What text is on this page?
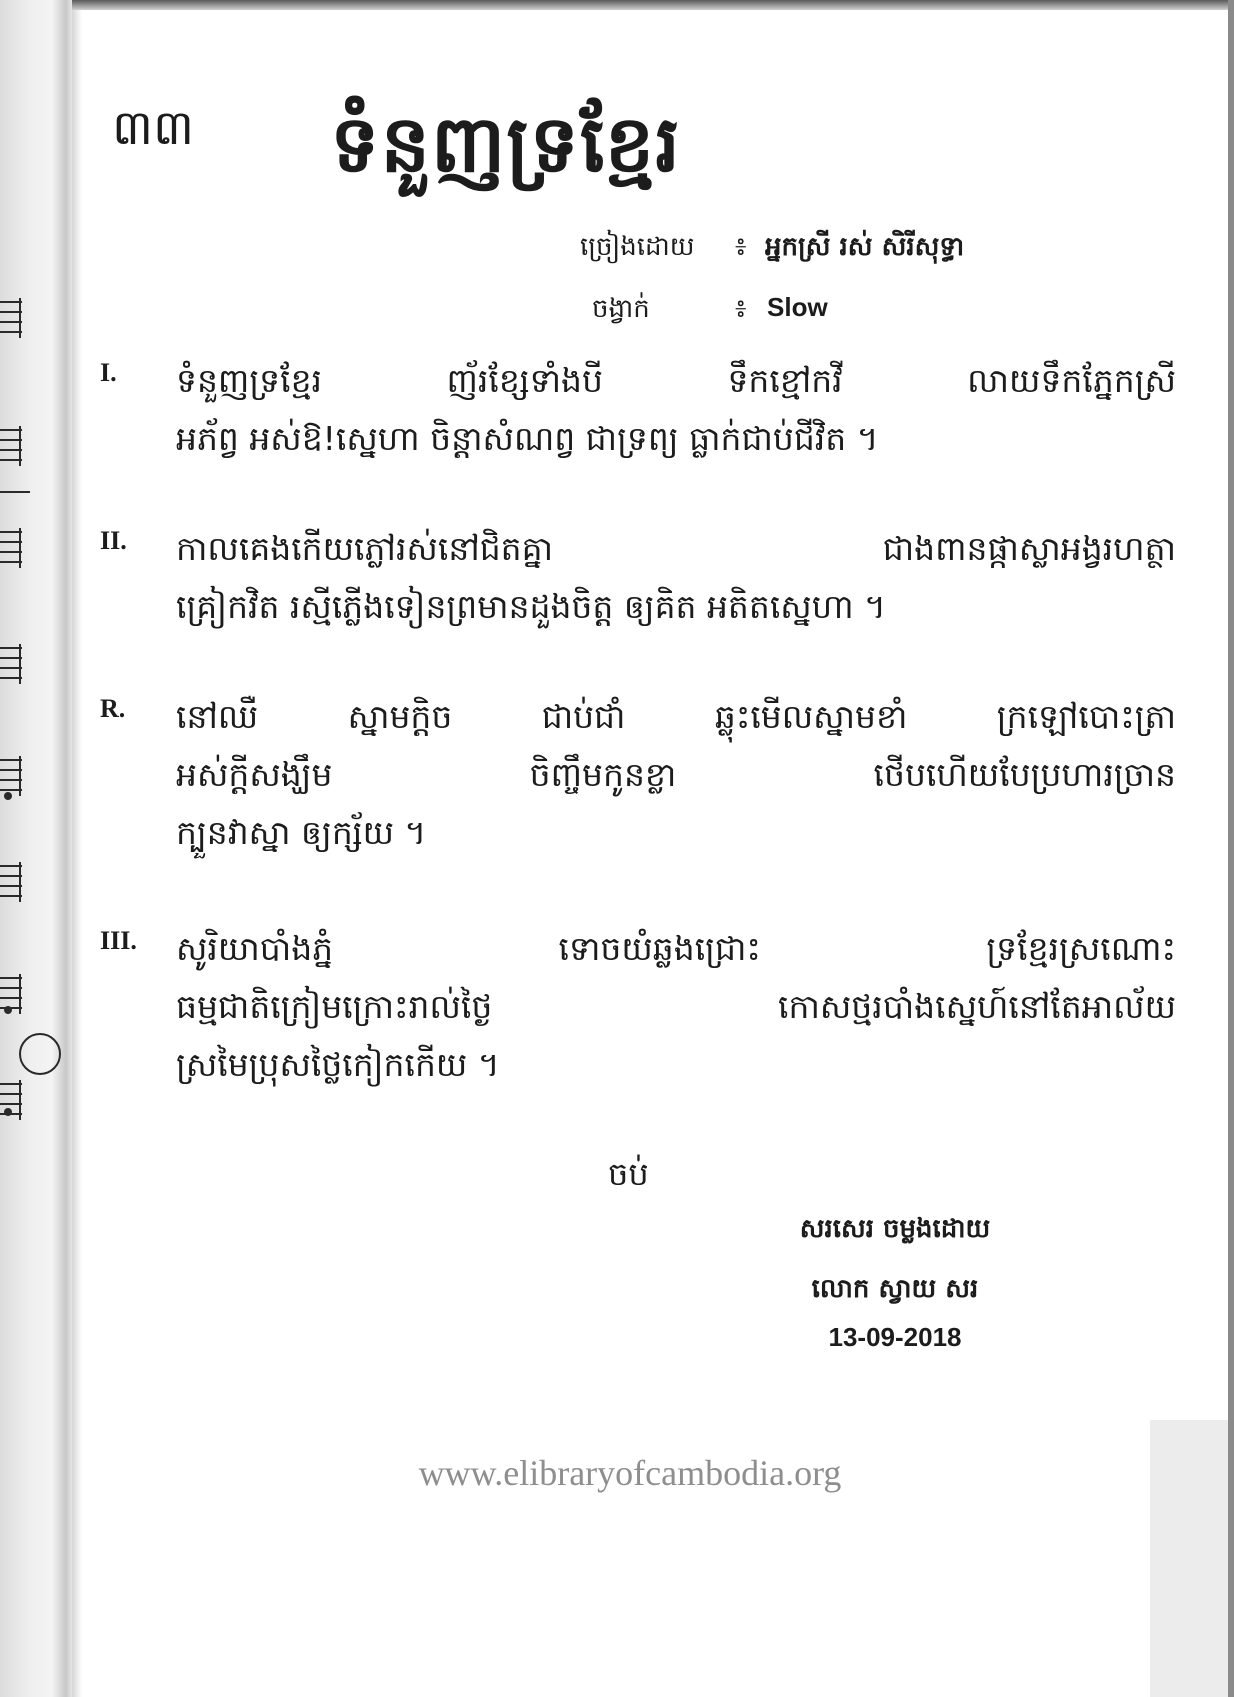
៣៣ ទំនួញទ្រខ្មែរ
ច្រៀងដោយ ៖ អ្នកស្រី រស់ សិរីសុទ្ធា
ចង្វាក់	៖ Slow
I. ទំនួញទ្រខ្មែរ ញ័រខ្សែទាំងបី ទឹកខ្មៅកវី លាយទឹកភ្នែកស្រី
អភ័ព្វ អស់ឱ!ស្នេហា ចិន្ដាសំណព្វ ជាទ្រព្យ ធ្លាក់ជាប់ជីវិត ។
II. កាលគេងកើយភ្លៅរស់នៅជិតគ្នា ជាងពានផ្កាស្លាអង្វរហត្ថា
គ្រៀកវិត រស្មីភ្លើងទៀនព្រមានដួងចិត្ត ឲ្យគិត អតិតស្នេហា ។
R. នៅឈឺ ស្នាមក្ដិច ជាប់ជាំ ឆ្លុះមើលស្នាមខាំ ក្រឡៅបោះត្រា
អស់ក្ដីសង្ឃឹម ចិញ្ចឹមកូនខ្លា ថើបហើយបែប្រហារច្រាន
ក្បួនវាស្នា ឲ្យក្ស័យ ។
III. សូរិយាបាំងភ្នំ ទោចយំឆ្លងជ្រោះ ទ្រខ្មែរស្រណោះ
ធម្មជាតិក្រៀមក្រោះរាល់ថ្ងៃ កោសថ្មរបាំងស្នេហ៍នៅតែអាល័យ
ស្រមៃប្រុសថ្លៃកៀកកើយ ។
ចប់
សរសេរ ចម្លងដោយ
លោក ស្វាយ សរ
13-09-2018
www.elibraryofcambodia.org
